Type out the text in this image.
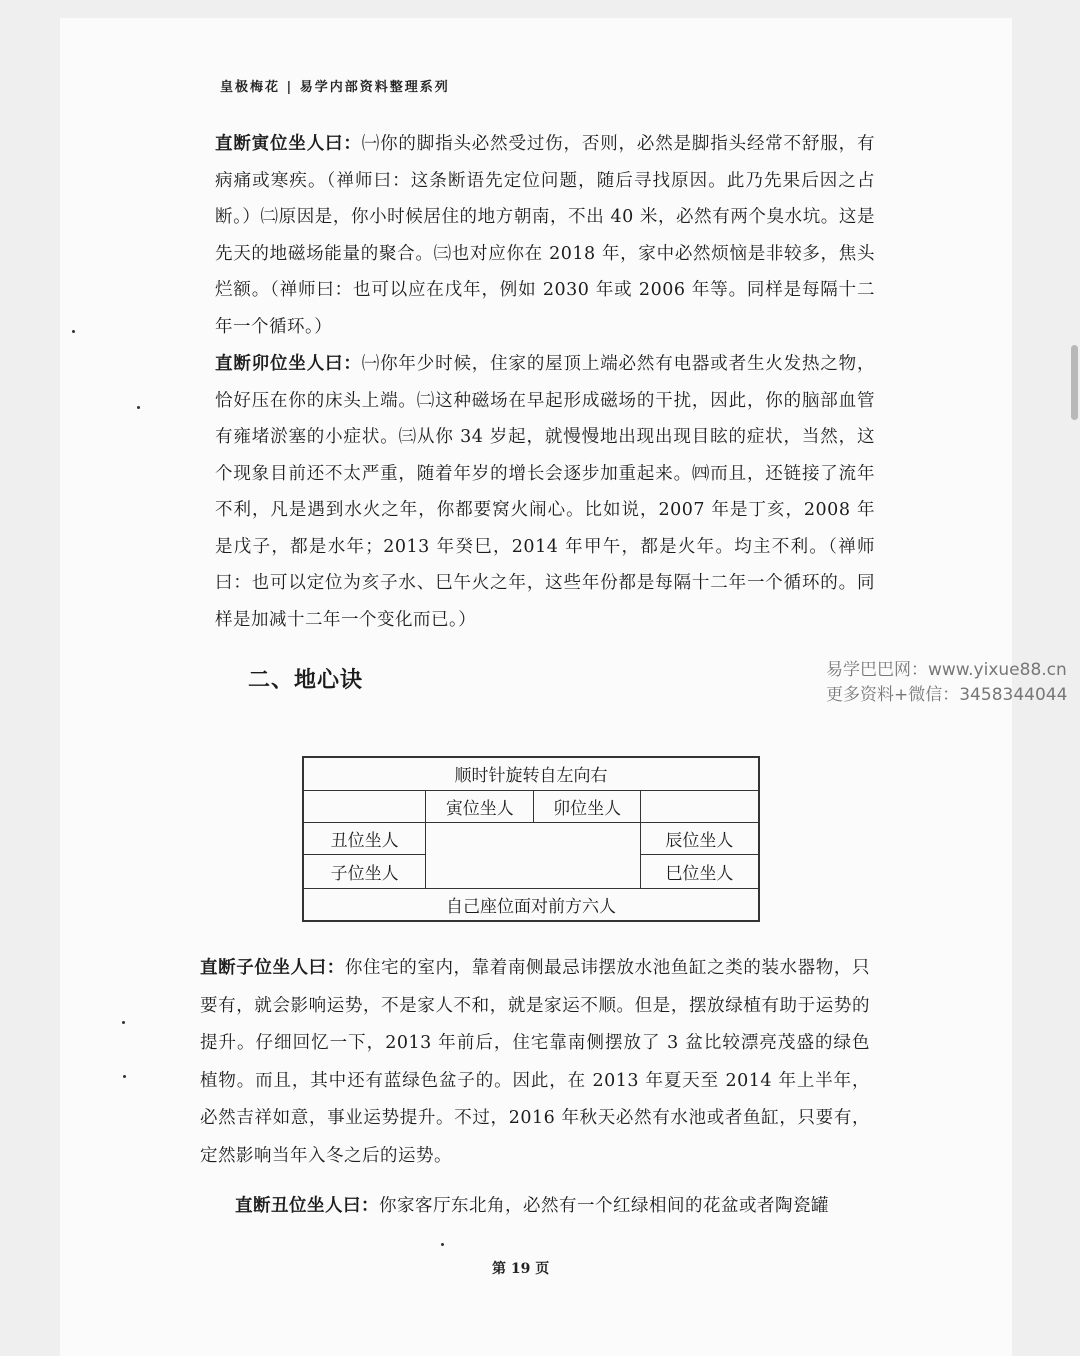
皇极梅花 | 易学内部资料整理系列

直断寅位坐人曰：㈠你的脚指头必然受过伤，否则，必然是脚指头经常不舒服，有病痛或寒疾。（禅师曰：这条断语先定位问题，随后寻找原因。此乃先果后因之占断。）㈡原因是，你小时候居住的地方朝南，不出 40 米，必然有两个臭水坑。这是先天的地磁场能量的聚合。㈢也对应你在 2018 年，家中必然烦恼是非较多，焦头烂额。（禅师曰：也可以应在戊年，例如 2030 年或 2006 年等。同样是每隔十二年一个循环。）

直断卯位坐人曰：㈠你年少时候，住家的屋顶上端必然有电器或者生火发热之物，恰好压在你的床头上端。㈡这种磁场在早起形成磁场的干扰，因此，你的脑部血管有雍堵淤塞的小症状。㈢从你 34 岁起，就慢慢地出现出现目眩的症状，当然，这个现象目前还不太严重，随着年岁的增长会逐步加重起来。㈣而且，还链接了流年不利，凡是遇到水火之年，你都要窝火闹心。比如说，2007 年是丁亥，2008 年是戊子，都是水年；2013 年癸巳，2014 年甲午，都是火年。均主不利。（禅师曰：也可以定位为亥子水、巳午火之年，这些年份都是每隔十二年一个循环的。同样是加减十二年一个变化而已。）

二、地心诀
顺时针旋转自左向右			
	寅位坐人	卯位坐人	
丑位坐人			辰位坐人
子位坐人			巳位坐人
自己座位面对前方六人			

直断子位坐人曰：你住宅的室内，靠着南侧最忌讳摆放水池鱼缸之类的装水器物，只要有，就会影响运势，不是家人不和，就是家运不顺。但是，摆放绿植有助于运势的提升。仔细回忆一下，2013 年前后，住宅靠南侧摆放了 3 盆比较漂亮茂盛的绿色植物。而且，其中还有蓝绿色盆子的。因此，在 2013 年夏天至 2014 年上半年，必然吉祥如意，事业运势提升。不过，2016 年秋天必然有水池或者鱼缸，只要有，定然影响当年入冬之后的运势。

直断丑位坐人曰：你家客厅东北角，必然有一个红绿相间的花盆或者陶瓷罐

第 19 页
易学巴巴网：www.yixue88.cn
更多资料+微信：3458344044
